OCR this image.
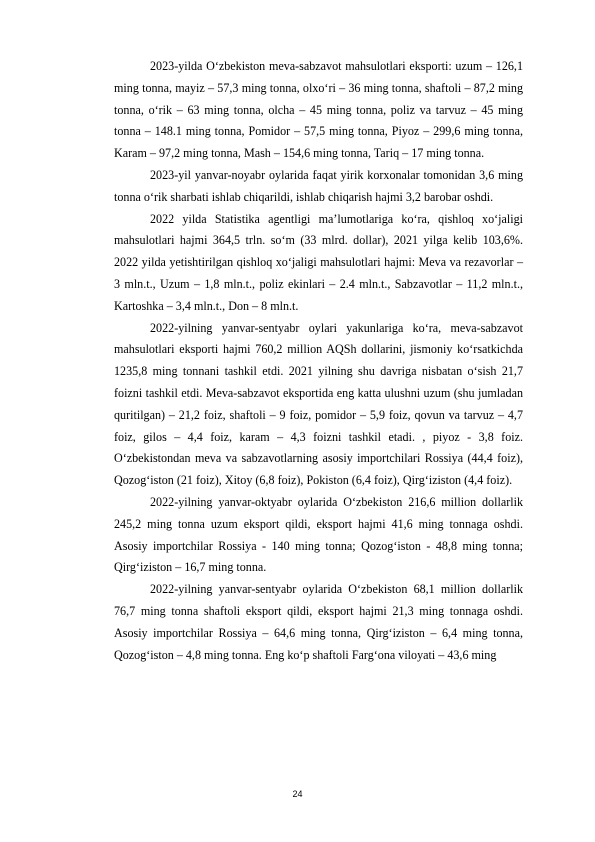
2023-yilda O‘zbekiston meva-sabzavot mahsulotlari eksporti: uzum – 126,1 ming tonna, mayiz – 57,3 ming tonna, olxo‘ri – 36 ming tonna, shaftoli – 87,2 ming tonna, o‘rik – 63 ming tonna, olcha – 45 ming tonna, poliz va tarvuz – 45 ming tonna – 148.1 ming tonna, Pomidor – 57,5 ming tonna, Piyoz – 299,6 ming tonna, Karam – 97,2 ming tonna, Mash – 154,6 ming tonna, Tariq – 17 ming tonna.

2023-yil yanvar-noyabr oylarida faqat yirik korxonalar tomonidan 3,6 ming tonna o‘rik sharbati ishlab chiqarildi, ishlab chiqarish hajmi 3,2 barobar oshdi.

2022 yilda Statistika agentligi ma’lumotlariga ko‘ra, qishloq xo‘jaligi mahsulotlari hajmi 364,5 trln. so‘m (33 mlrd. dollar), 2021 yilga kelib 103,6%. 2022 yilda yetishtirilgan qishloq xo‘jaligi mahsulotlari hajmi: Meva va rezavorlar – 3 mln.t., Uzum – 1,8 mln.t., poliz ekinlari – 2.4 mln.t., Sabzavotlar – 11,2 mln.t., Kartoshka – 3,4 mln.t., Don – 8 mln.t.

2022-yilning yanvar-sentyabr oylari yakunlariga ko‘ra, meva-sabzavot mahsulotlari eksporti hajmi 760,2 million AQSh dollarini, jismoniy ko‘rsatkichda 1235,8 ming tonnani tashkil etdi. 2021 yilning shu davriga nisbatan o‘sish 21,7 foizni tashkil etdi. Meva-sabzavot eksportida eng katta ulushni uzum (shu jumladan quritilgan) – 21,2 foiz, shaftoli – 9 foiz, pomidor – 5,9 foiz, qovun va tarvuz – 4,7 foiz, gilos – 4,4 foiz, karam – 4,3 foizni tashkil etadi. , piyoz - 3,8 foiz. O‘zbekistondan meva va sabzavotlarning asosiy importchilari Rossiya (44,4 foiz), Qozog‘iston (21 foiz), Xitoy (6,8 foiz), Pokiston (6,4 foiz), Qirg‘iziston (4,4 foiz).

2022-yilning yanvar-oktyabr oylarida O‘zbekiston 216,6 million dollarlik 245,2 ming tonna uzum eksport qildi, eksport hajmi 41,6 ming tonnaga oshdi. Asosiy importchilar Rossiya - 140 ming tonna; Qozog‘iston - 48,8 ming tonna; Qirg‘iziston – 16,7 ming tonna.

2022-yilning yanvar-sentyabr oylarida O‘zbekiston 68,1 million dollarlik 76,7 ming tonna shaftoli eksport qildi, eksport hajmi 21,3 ming tonnaga oshdi. Asosiy importchilar Rossiya – 64,6 ming tonna, Qirg‘iziston – 6,4 ming tonna, Qozog‘iston – 4,8 ming tonna. Eng ko‘p shaftoli Farg‘ona viloyati – 43,6 ming

24
